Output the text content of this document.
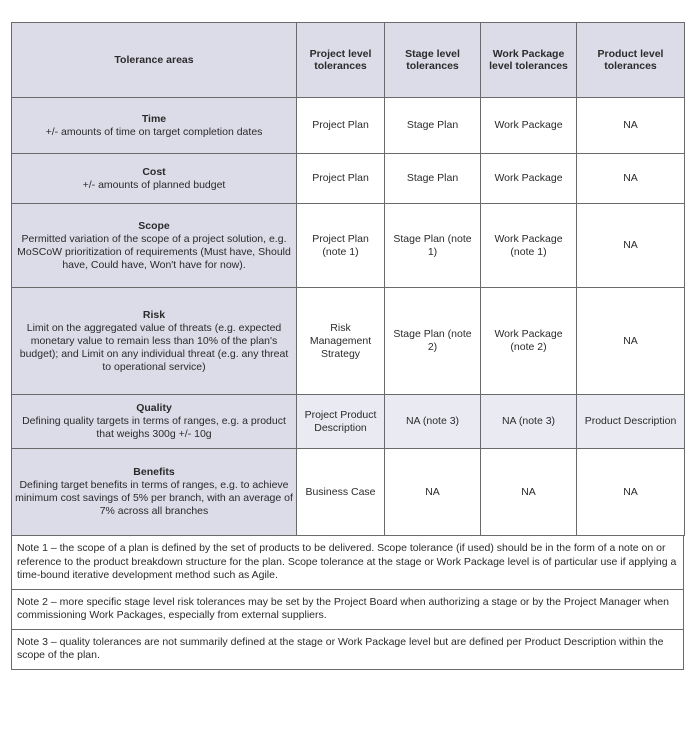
Tolerance areas	Project level tolerances	Stage level tolerances	Work Package level tolerances	Product level tolerances

Time
+/- amounts of time on target completion dates	Project Plan	Stage Plan	Work Package	NA

Cost
+/- amounts of planned budget	Project Plan	Stage Plan	Work Package	NA

Scope
Permitted variation of the scope of a project solution, e.g. MoSCoW prioritization of requirements (Must have, Should have, Could have, Won't have for now).	Project Plan (note 1)	Stage Plan (note 1)	Work Package (note 1)	NA

Risk
Limit on the aggregated value of threats (e.g. expected monetary value to remain less than 10% of the plan's budget); and Limit on any individual threat (e.g. any threat to operational service)	Risk Management Strategy	Stage Plan (note 2)	Work Package (note 2)	NA

Quality
Defining quality targets in terms of ranges, e.g. a product that weighs 300g +/- 10g	Project Product Description	NA (note 3)	NA (note 3)	Product Description

Benefits
Defining target benefits in terms of ranges, e.g. to achieve minimum cost savings of 5% per branch, with an average of 7% across all branches	Business Case	NA	NA	NA
Note 1 – the scope of a plan is defined by the set of products to be delivered. Scope tolerance (if used) should be in the form of a note on or reference to the product breakdown structure for the plan. Scope tolerance at the stage or Work Package level is of particular use if applying a time-bound iterative development method such as Agile.
Note 2 – more specific stage level risk tolerances may be set by the Project Board when authorizing a stage or by the Project Manager when commissioning Work Packages, especially from external suppliers.
Note 3 – quality tolerances are not summarily defined at the stage or Work Package level but are defined per Product Description within the scope of the plan.
